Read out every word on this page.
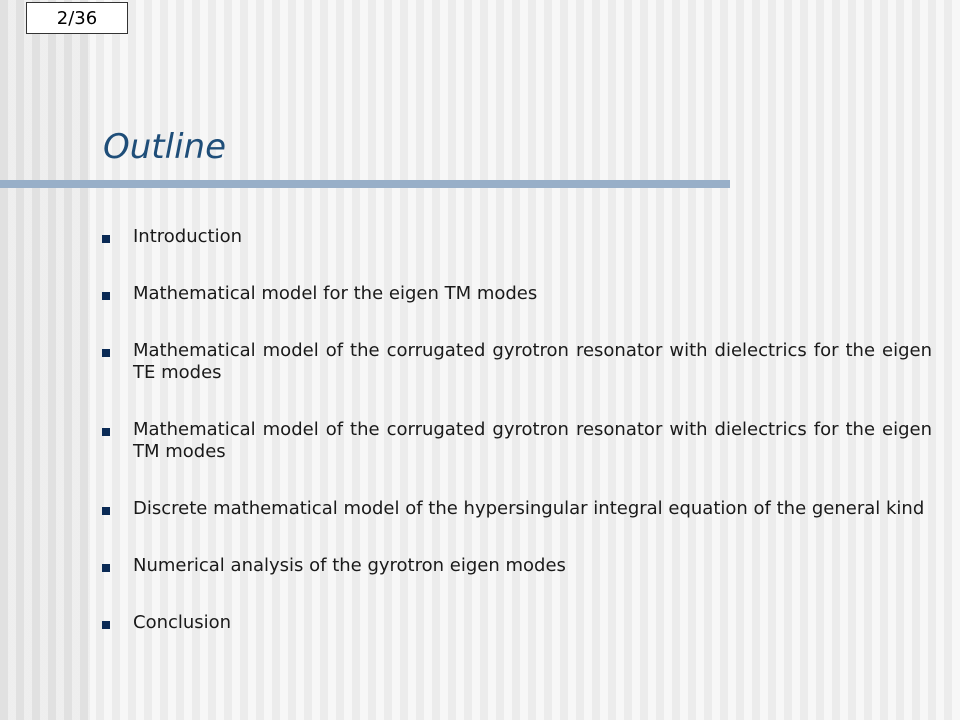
2/36
Outline
Introduction
Mathematical model for the eigen TM modes
Mathematical model of the corrugated gyrotron resonator with dielectrics for the eigen TE modes
Mathematical model of the corrugated gyrotron resonator with dielectrics for the eigen TM modes
Discrete mathematical model of the hypersingular integral equation of the general kind
Numerical analysis of the gyrotron eigen modes
Conclusion
